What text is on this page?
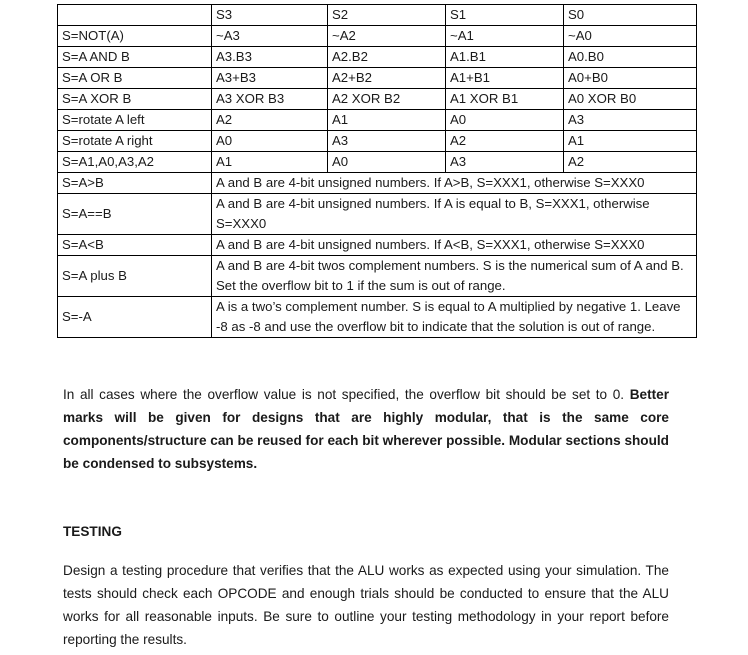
	S3	S2	S1	S0
S=NOT(A)	~A3	~A2	~A1	~A0
S=A AND B	A3.B3	A2.B2	A1.B1	A0.B0
S=A OR B	A3+B3	A2+B2	A1+B1	A0+B0
S=A XOR B	A3 XOR B3	A2 XOR B2	A1 XOR B1	A0 XOR B0
S=rotate A left	A2	A1	A0	A3
S=rotate A right	A0	A3	A2	A1
S=A1,A0,A3,A2	A1	A0	A3	A2
S=A>B	A and B are 4-bit unsigned numbers. If A>B, S=XXX1, otherwise S=XXX0			
S=A==B	A and B are 4-bit unsigned numbers. If A is equal to B, S=XXX1, otherwise S=XXX0			
S=A<B	A and B are 4-bit unsigned numbers. If A<B, S=XXX1, otherwise S=XXX0			
S=A plus B	A and B are 4-bit twos complement numbers. S is the numerical sum of A and B. Set the overflow bit to 1 if the sum is out of range.			
S=-A	A is a two’s complement number. S is equal to A multiplied by negative 1. Leave -8 as -8 and use the overflow bit to indicate that the solution is out of range.			

In all cases where the overflow value is not specified, the overflow bit should be set to 0. Better marks will be given for designs that are highly modular, that is the same core components/structure can be reused for each bit wherever possible. Modular sections should be condensed to subsystems.

TESTING

Design a testing procedure that verifies that the ALU works as expected using your simulation. The tests should check each OPCODE and enough trials should be conducted to ensure that the ALU works for all reasonable inputs. Be sure to outline your testing methodology in your report before reporting the results.
